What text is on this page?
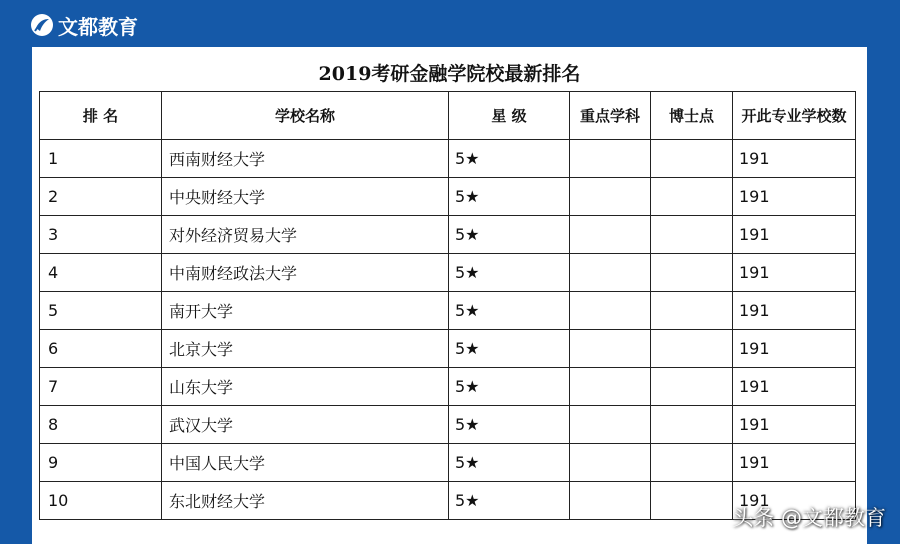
文都教育
2019考研金融学院校最新排名
排 名	学校名称	星 级	重点学科	博士点	开此专业学校数
1	西南财经大学	5★			191
2	中央财经大学	5★			191
3	对外经济贸易大学	5★			191
4	中南财经政法大学	5★			191
5	南开大学	5★			191
6	北京大学	5★			191
7	山东大学	5★			191
8	武汉大学	5★			191
9	中国人民大学	5★			191
10	东北财经大学	5★			191
头条 @文都教育
